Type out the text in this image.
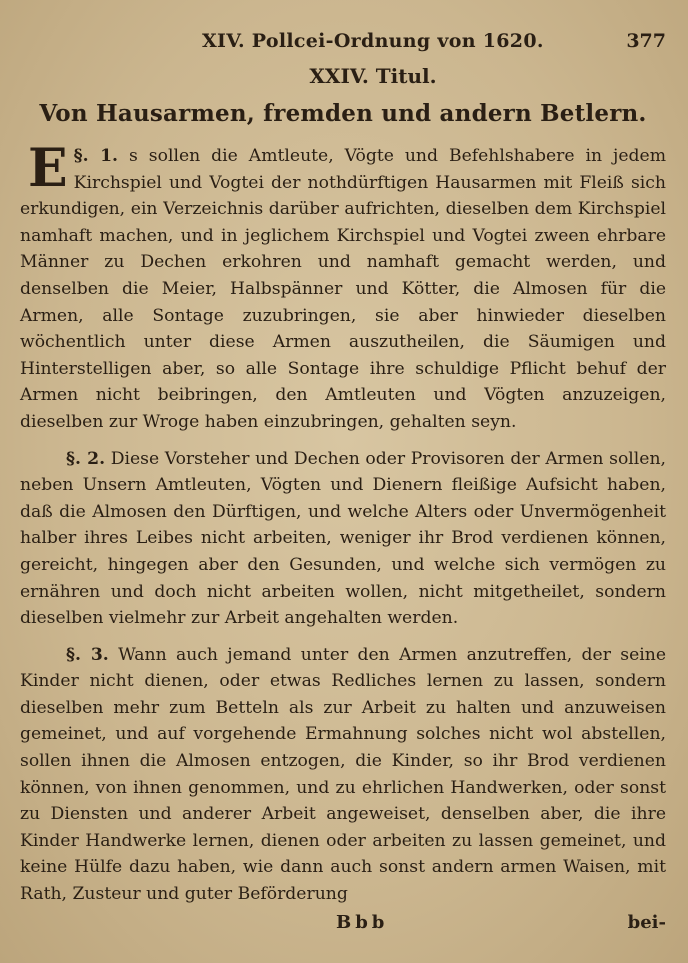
XIV. Pollcei-Ordnung von 1620.	377
XXIV. Titul.
Von Hausarmen, fremden und andern Betlern.

§. 1.
E	s sollen die Amtleute, Vögte und Befehlshabere in jedem Kirchspiel und Vogtei der nothdürftigen Hausarmen mit Fleiß sich erkundigen, ein Verzeichnis darüber aufrichten, dieselben dem Kirchspiel namhaft machen, und in jeglichem Kirchspiel und Vogtei zween ehrbare Männer zu Dechen erkohren und namhaft gemacht werden, und denselben die Meier, Halbspänner und Kötter, die Almosen für die Armen, alle Sontage zuzubringen, sie aber hinwieder dieselben wöchentlich unter diese Armen auszutheilen, die Säumigen und Hinterstelligen aber, so alle Sontage ihre schuldige Pflicht behuf der Armen nicht beibringen, den Amtleuten und Vögten anzuzeigen, dieselben zur Wroge haben einzubringen, gehalten seyn.

§. 2. Diese Vorsteher und Dechen oder Provisoren der Armen sollen, neben Unsern Amtleuten, Vögten und Dienern fleißige Aufsicht haben, daß die Almosen den Dürftigen, und welche Alters oder Unvermögenheit halber ihres Leibes nicht arbeiten, weniger ihr Brod verdienen können, gereicht, hingegen aber den Gesunden, und welche sich vermögen zu ernähren und doch nicht arbeiten wollen, nicht mitgetheilet, sondern dieselben vielmehr zur Arbeit angehalten werden.

§. 3. Wann auch jemand unter den Armen anzutreffen, der seine Kinder nicht dienen, oder etwas Redliches lernen zu lassen, sondern dieselben mehr zum Betteln als zur Arbeit zu halten und anzuweisen gemeinet, und auf vorgehende Ermahnung solches nicht wol abstellen, sollen ihnen die Almosen entzogen, die Kinder, so ihr Brod verdienen können, von ihnen genommen, und zu ehrlichen Handwerken, oder sonst zu Diensten und anderer Arbeit angeweiset, denselben aber, die ihre Kinder Handwerke lernen, dienen oder arbeiten zu lassen gemeinet, und keine Hülfe dazu haben, wie dann auch sonst andern armen Waisen, mit Rath, Zusteur und guter Beförderung

Bbb	bei-
